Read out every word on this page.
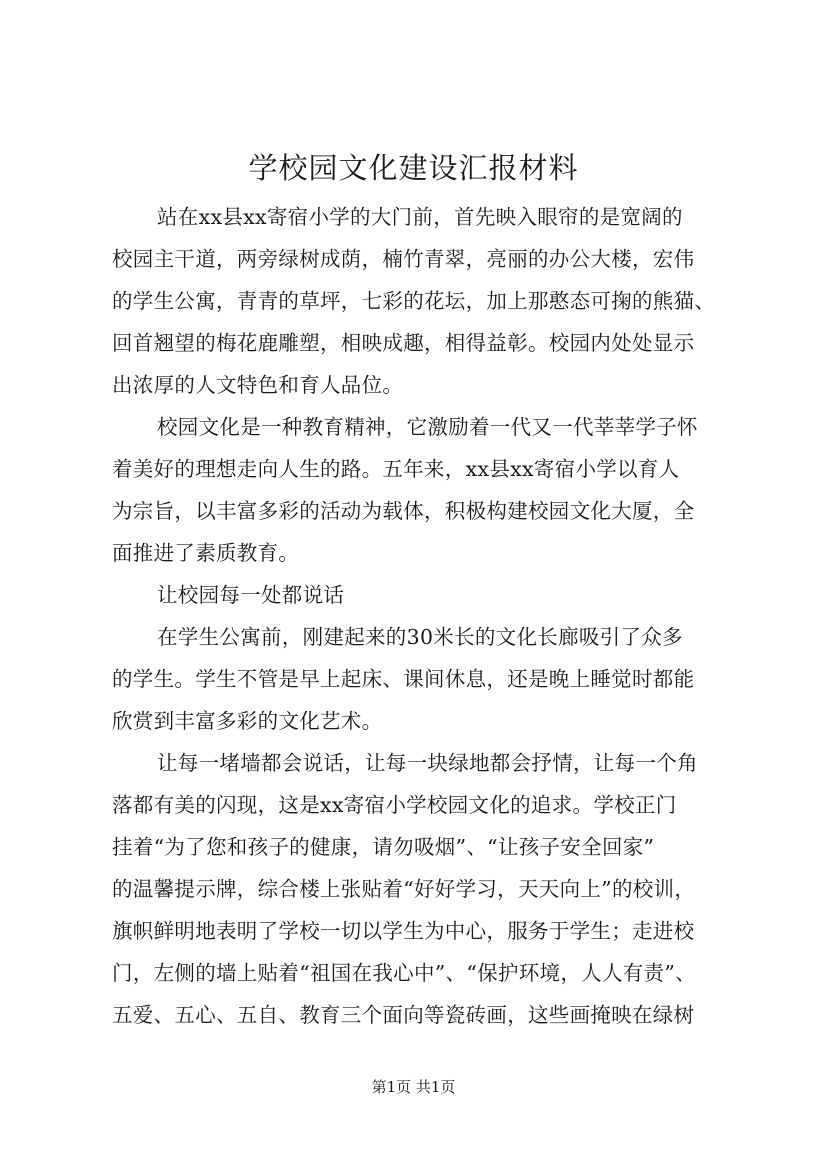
学校园文化建设汇报材料
站在xx县xx寄宿小学的大门前，首先映入眼帘的是宽阔的
校园主干道，两旁绿树成荫，楠竹青翠，亮丽的办公大楼，宏伟
的学生公寓，青青的草坪，七彩的花坛，加上那憨态可掬的熊猫、
回首翘望的梅花鹿雕塑，相映成趣，相得益彰。校园内处处显示
出浓厚的人文特色和育人品位。
校园文化是一种教育精神，它激励着一代又一代莘莘学子怀
着美好的理想走向人生的路。五年来，xx县xx寄宿小学以育人
为宗旨，以丰富多彩的活动为载体，积极构建校园文化大厦，全
面推进了素质教育。
让校园每一处都说话
在学生公寓前，刚建起来的30米长的文化长廊吸引了众多
的学生。学生不管是早上起床、课间休息，还是晚上睡觉时都能
欣赏到丰富多彩的文化艺术。
让每一堵墙都会说话，让每一块绿地都会抒情，让每一个角
落都有美的闪现，这是xx寄宿小学校园文化的追求。学校正门
挂着“为了您和孩子的健康，请勿吸烟”、“让孩子安全回家”
的温馨提示牌，综合楼上张贴着“好好学习，天天向上”的校训，
旗帜鲜明地表明了学校一切以学生为中心，服务于学生；走进校
门，左侧的墙上贴着“祖国在我心中”、“保护环境，人人有责”、
五爱、五心、五自、教育三个面向等瓷砖画，这些画掩映在绿树
第1页 共1页
